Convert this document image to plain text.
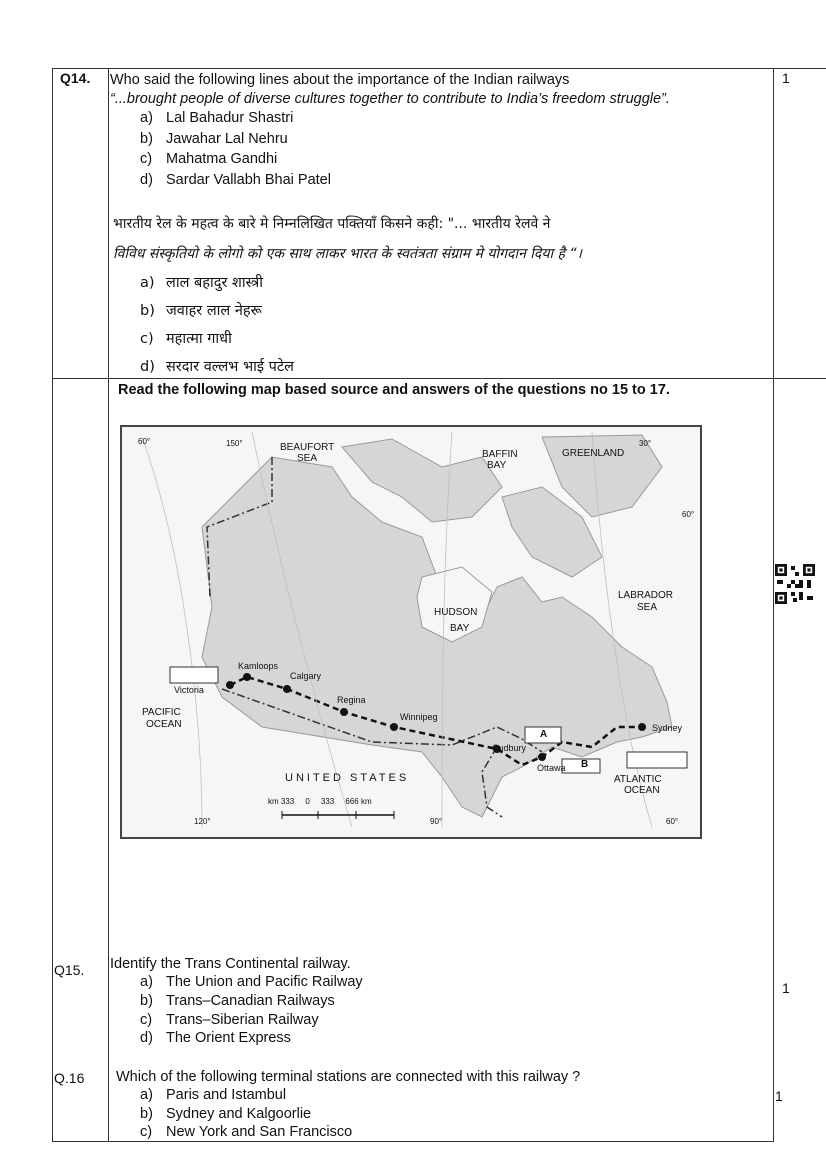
Q14.	1
Who said the following lines about the importance of the Indian railways
“...brought people of diverse cultures together to contribute to India’s freedom struggle”.
a) Lal Bahadur Shastri
b) Jawahar Lal Nehru
c) Mahatma Gandhi
d) Sardar Vallabh Bhai Patel
भारतीय रेल के महत्व के बारे मे निम्नलिखित पक्तियाँ किसने कही: "... भारतीय रेलवे ने
विविध संस्कृतियो के लोगो को एक साथ लाकर भारत के स्वतंत्रता संग्राम मे योगदान दिया है “।
a) लाल बहादुर शास्त्री
b) जवाहर लाल नेहरू
c) महात्मा गाधी
d) सरदार वल्लभ भाई पटेल
Read the following map based source and answers of the questions no 15 to 17.
BEAUFORT
SEA	BAFFIN
BAY
GREENLAND
HUDSON
BAY
LABRADOR
SEA
PACIFIC
OCEAN
ATLANTIC
OCEAN
UNITED STATES
km 333     0     333     666 km
150°
60°	30°
60°
120°	90°	60°
A
B
Victoria
Kamloops
Calgary
Regina
Winnipeg
Cudbury
Ottawa
Sydney
Q15.
1
Identify the Trans Continental railway.
a) The Union and Pacific Railway
b) Trans–Canadian Railways
c) Trans–Siberian Railway
d) The Orient Express
Q.16
1
Which of the following terminal stations are connected with this railway ?
a) Paris and Istambul
b) Sydney and Kalgoorlie
c) New York and San Francisco
